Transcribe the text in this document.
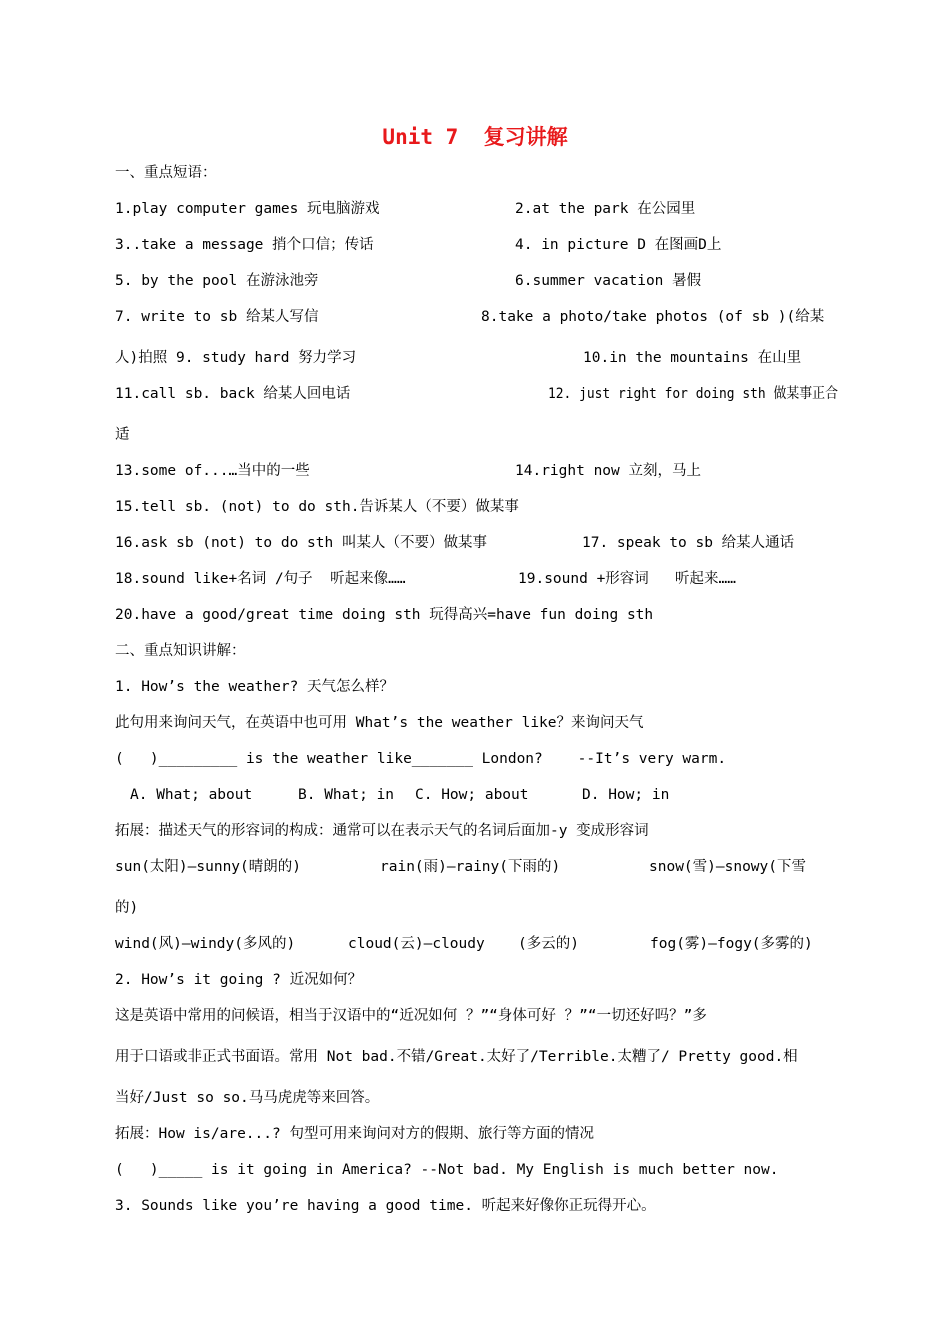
Unit 7  复习讲解
一、重点短语：
1.play computer games 玩电脑游戏	2.at the park 在公园里
3..take a message 捎个口信；传话	4. in picture D 在图画D上
5. by the pool 在游泳池旁	6.summer vacation 暑假
7. write to sb 给某人写信	8.take a photo/take photos (of sb )(给某
人)拍照 9. study hard 努力学习	10.in the mountains 在山里
11.call sb. back 给某人回电话	12. just right for doing sth 做某事正合
适
13.some of...…当中的一些	14.right now 立刻，马上
15.tell sb. (not) to do sth.告诉某人（不要）做某事
16.ask sb (not) to do sth 叫某人（不要）做某事	17. speak to sb 给某人通话
18.sound like+名词 /句子  听起来像……	19.sound +形容词   听起来……
20.have a good/great time doing sth 玩得高兴=have fun doing sth
二、重点知识讲解：
1. How’s the weather? 天气怎么样？
此句用来询问天气，在英语中也可用 What’s the weather like？来询问天气
(   )_________ is the weather like_______ London?    --It’s very warm.
A. What; about	B. What; in C. How; about	D. How; in
拓展：描述天气的形容词的构成：通常可以在表示天气的名词后面加-y 变成形容词
sun(太阳)—sunny(晴朗的)	rain(雨)—rainy(下雨的)	snow(雪)—snowy(下雪
的)
wind(风)—windy(多风的)	cloud(云)—cloudy (多云的)	fog(雾)—fogy(多雾的)
2. How’s it going ? 近况如何？
这是英语中常用的问候语，相当于汉语中的“近况如何 ？”“身体可好 ？”“一切还好吗？”多
用于口语或非正式书面语。常用 Not bad.不错/Great.太好了/Terrible.太糟了/ Pretty good.相
当好/Just so so.马马虎虎等来回答。
拓展：How is/are...? 句型可用来询问对方的假期、旅行等方面的情况
(   )_____ is it going in America? --Not bad. My English is much better now.
3. Sounds like you’re having a good time. 听起来好像你正玩得开心。
